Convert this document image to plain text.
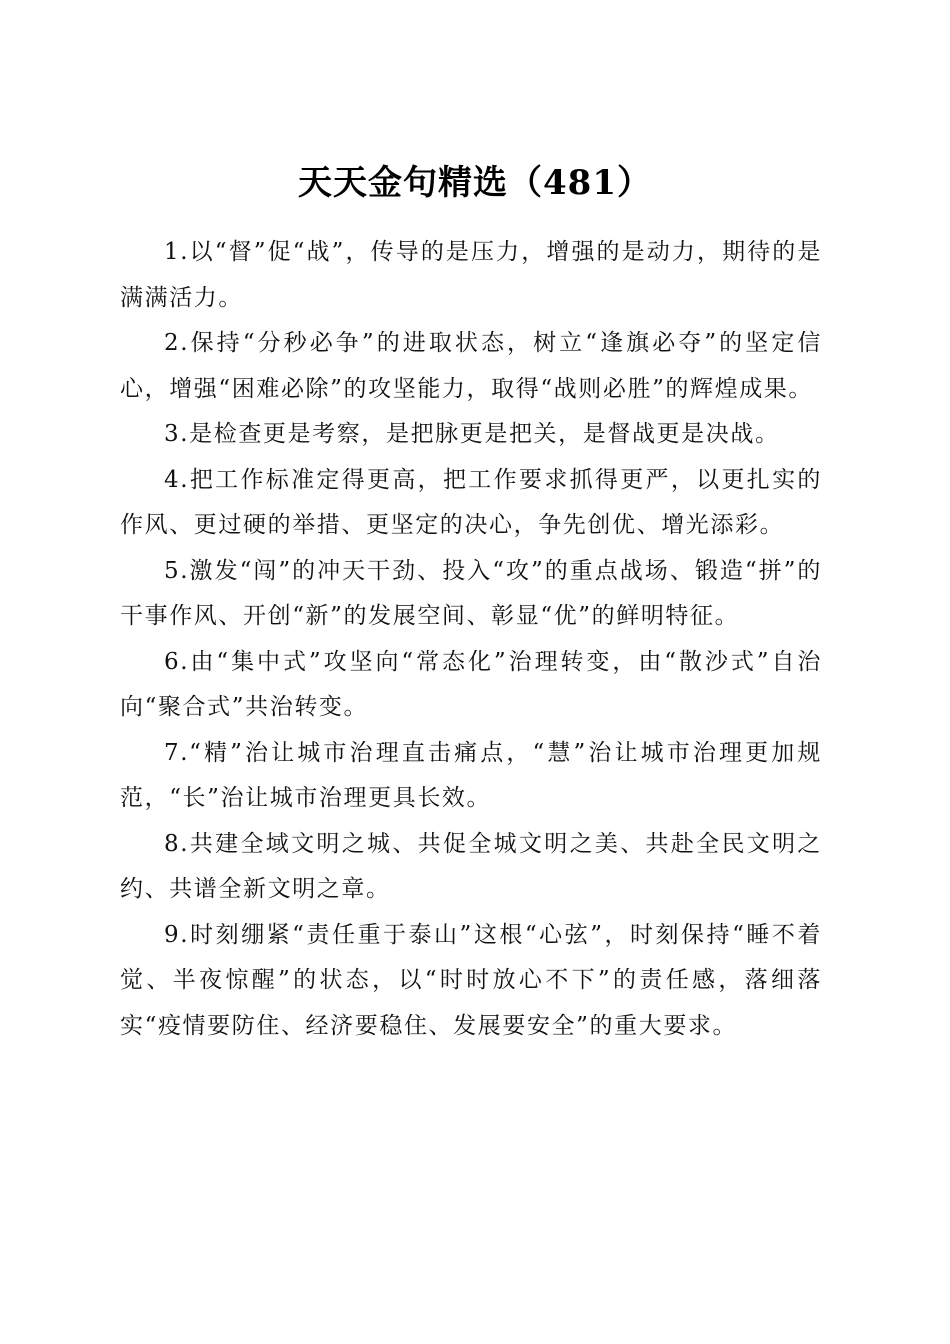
天天金句精选（481）

1.以“督”促“战”，传导的是压力，增强的是动力，期待的是满满活力。

2.保持“分秒必争”的进取状态，树立“逢旗必夺”的坚定信心，增强“困难必除”的攻坚能力，取得“战则必胜”的辉煌成果。

3.是检查更是考察，是把脉更是把关，是督战更是决战。

4.把工作标准定得更高，把工作要求抓得更严，以更扎实的作风、更过硬的举措、更坚定的决心，争先创优、增光添彩。

5.激发“闯”的冲天干劲、投入“攻”的重点战场、锻造“拼”的干事作风、开创“新”的发展空间、彰显“优”的鲜明特征。

6.由“集中式”攻坚向“常态化”治理转变，由“散沙式”自治向“聚合式”共治转变。

7.“精”治让城市治理直击痛点，“慧”治让城市治理更加规范，“长”治让城市治理更具长效。

8.共建全域文明之城、共促全城文明之美、共赴全民文明之约、共谱全新文明之章。

9.时刻绷紧“责任重于泰山”这根“心弦”，时刻保持“睡不着觉、半夜惊醒”的状态，以“时时放心不下”的责任感，落细落实“疫情要防住、经济要稳住、发展要安全”的重大要求。
